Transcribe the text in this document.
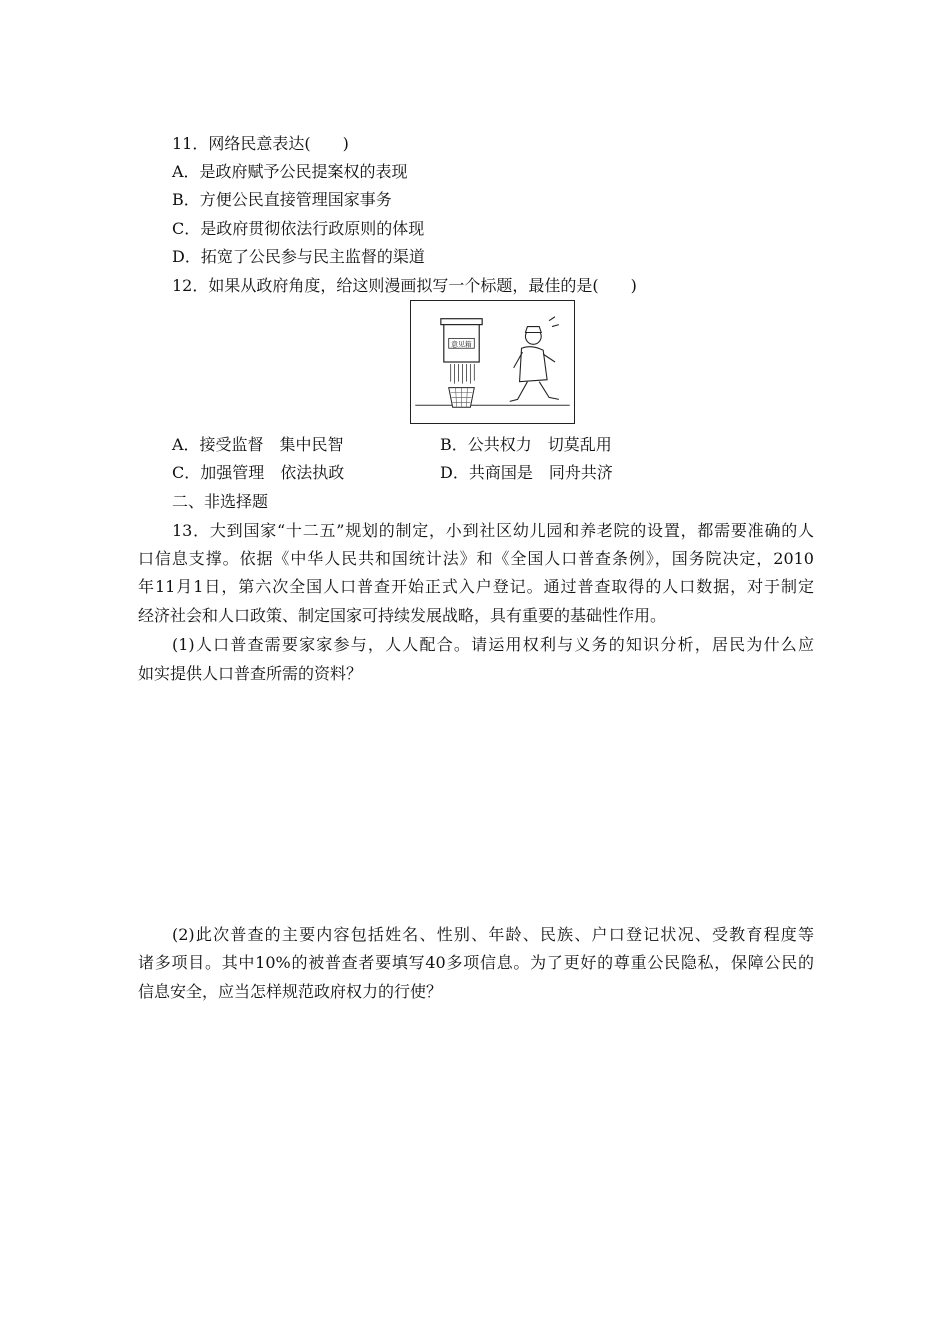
11．网络民意表达(　　)
A．是政府赋予公民提案权的表现
B．方便公民直接管理国家事务
C．是政府贯彻依法行政原则的体现
D．拓宽了公民参与民主监督的渠道
12．如果从政府角度，给这则漫画拟写一个标题，最佳的是(　　)
意见箱
A．接受监督　集中民智	B．公共权力　切莫乱用
C．加强管理　依法执政	D．共商国是　同舟共济
二、非选择题
13．大到国家“十二五”规划的制定，小到社区幼儿园和养老院的设置，都需要准确的人
口信息支撑。依据《中华人民共和国统计法》和《全国人口普查条例》，国务院决定，2010
年11月1日，第六次全国人口普查开始正式入户登记。通过普查取得的人口数据，对于制定
经济社会和人口政策、制定国家可持续发展战略，具有重要的基础性作用。
(1)人口普查需要家家参与，人人配合。请运用权利与义务的知识分析，居民为什么应
如实提供人口普查所需的资料？
(2)此次普查的主要内容包括姓名、性别、年龄、民族、户口登记状况、受教育程度等
诸多项目。其中10%的被普查者要填写40多项信息。为了更好的尊重公民隐私，保障公民的
信息安全，应当怎样规范政府权力的行使？
